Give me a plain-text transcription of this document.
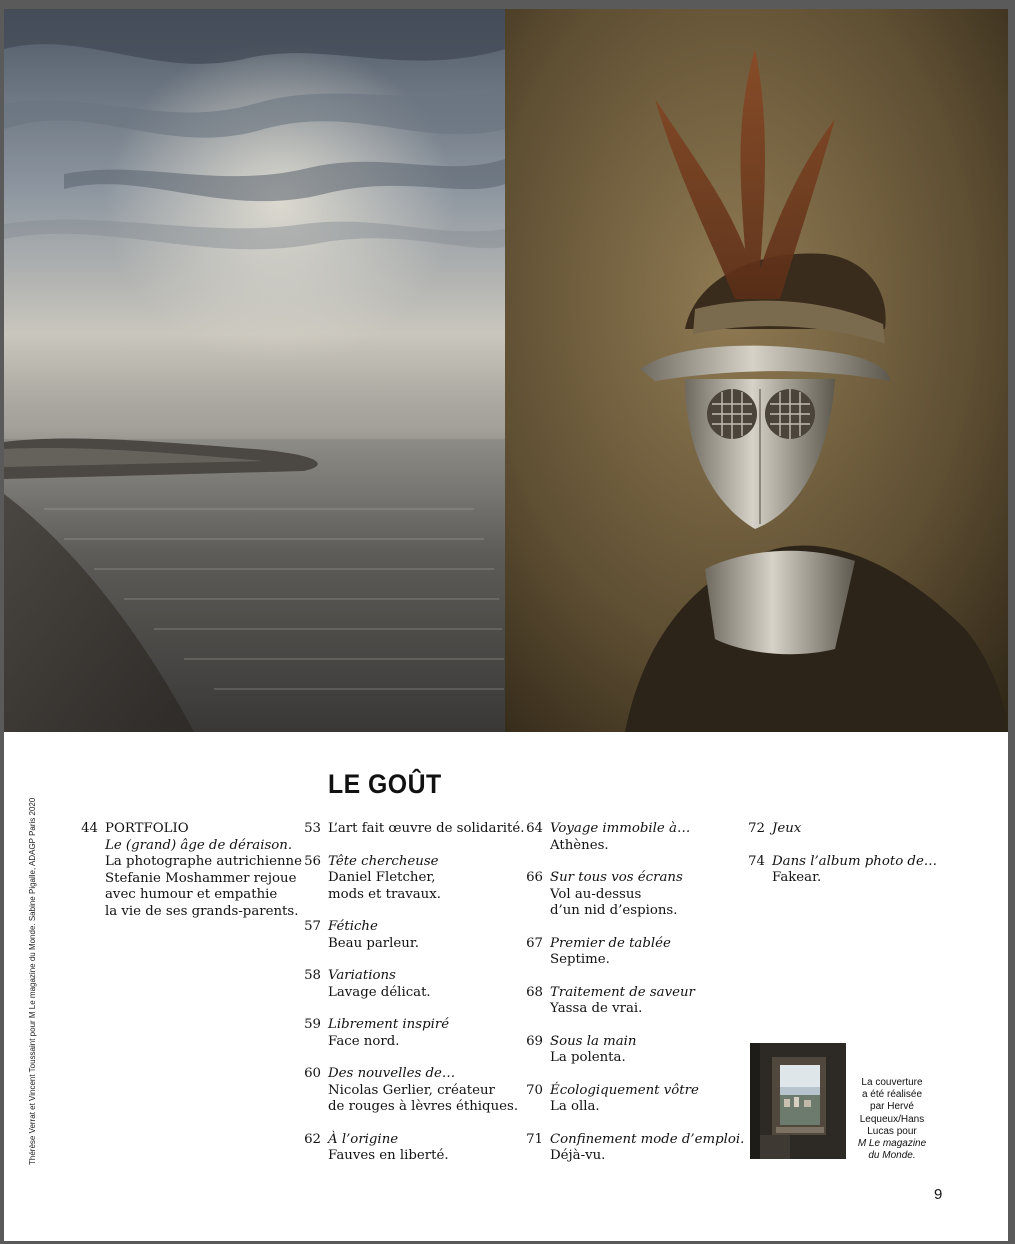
Thérèse Verrat et Vincent Toussaint pour M Le magazine du Monde. Sabine Pigalle, ADAGP Paris 2020
LE GOÛT
44 PORTFOLIO
Le (grand) âge de déraison.
La photographe autrichienne
Stefanie Moshammer rejoue
avec humour et empathie
la vie de ses grands-parents.
53 L’art fait œuvre de solidarité.
56 Tête chercheuse
Daniel Fletcher,
mods et travaux.
57 Fétiche
Beau parleur.
58 Variations
Lavage délicat.
59 Librement inspiré
Face nord.
60 Des nouvelles de…
Nicolas Gerlier, créateur
de rouges à lèvres éthiques.
62 À l’origine
Fauves en liberté.
64 Voyage immobile à…
Athènes.
66 Sur tous vos écrans
Vol au-dessus
d’un nid d’espions.
67 Premier de tablée
Septime.
68 Traitement de saveur
Yassa de vrai.
69 Sous la main
La polenta.
70 Écologiquement vôtre
La olla.
71 Confinement mode d’emploi.
Déjà-vu.
72 Jeux
74 Dans l’album photo de…
Fakear.
La couverture
a été réalisée
par Hervé
Lequeux/Hans
Lucas pour
M Le magazine
du Monde.
9
